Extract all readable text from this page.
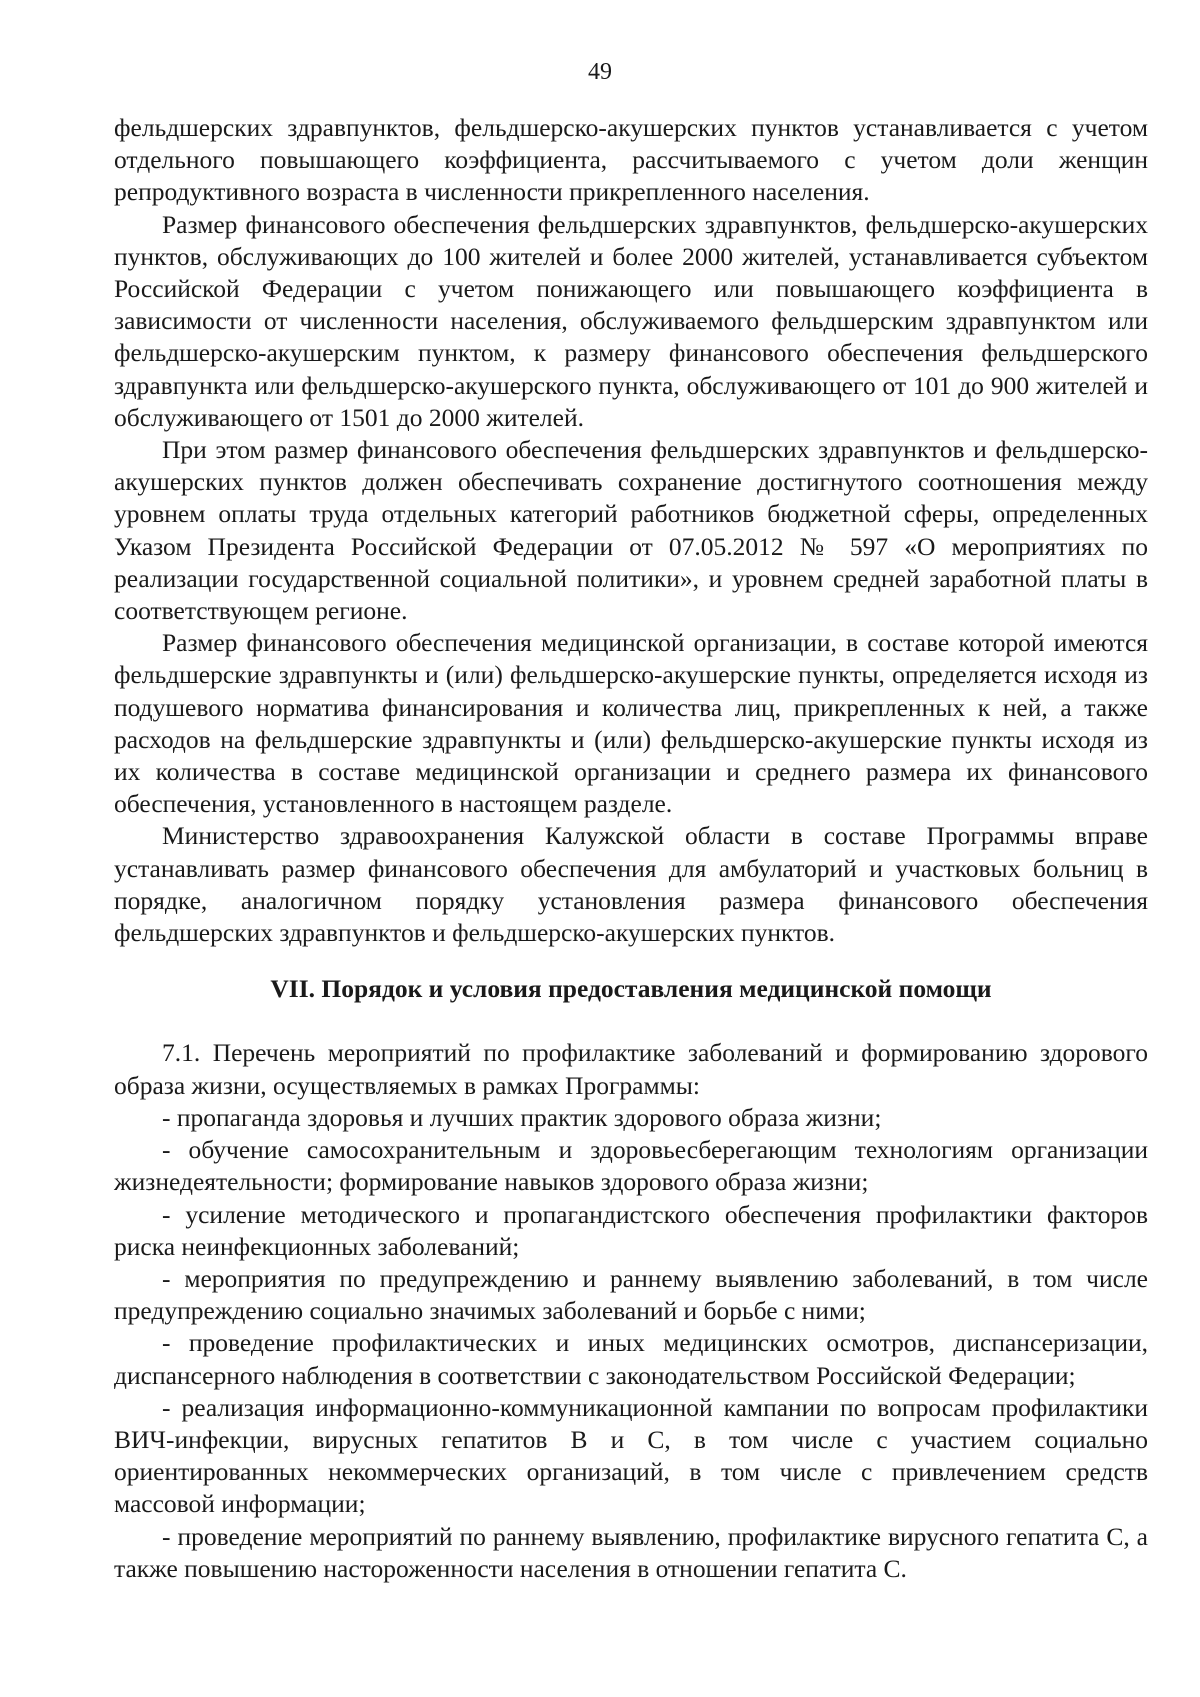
49

фельдшерских здравпунктов, фельдшерско-акушерских пунктов устанавливается с учетом отдельного повышающего коэффициента, рассчитываемого с учетом доли женщин репродуктивного возраста в численности прикрепленного населения.

Размер финансового обеспечения фельдшерских здравпунктов, фельдшерско-акушерских пунктов, обслуживающих до 100 жителей и более 2000 жителей, устанавливается субъектом Российской Федерации с учетом понижающего или повышающего коэффициента в зависимости от численности населения, обслуживаемого фельдшерским здравпунктом или фельдшерско-акушерским пунктом, к размеру финансового обеспечения фельдшерского здравпункта или фельдшерско-акушерского пункта, обслуживающего от 101 до 900 жителей и обслуживающего от 1501 до 2000 жителей.

При этом размер финансового обеспечения фельдшерских здравпунктов и фельдшерско-акушерских пунктов должен обеспечивать сохранение достигнутого соотношения между уровнем оплаты труда отдельных категорий работников бюджетной сферы, определенных Указом Президента Российской Федерации от 07.05.2012 № 597 «О мероприятиях по реализации государственной социальной политики», и уровнем средней заработной платы в соответствующем регионе.

Размер финансового обеспечения медицинской организации, в составе которой имеются фельдшерские здравпункты и (или) фельдшерско-акушерские пункты, определяется исходя из подушевого норматива финансирования и количества лиц, прикрепленных к ней, а также расходов на фельдшерские здравпункты и (или) фельдшерско-акушерские пункты исходя из их количества в составе медицинской организации и среднего размера их финансового обеспечения, установленного в настоящем разделе.

Министерство здравоохранения Калужской области в составе Программы вправе устанавливать размер финансового обеспечения для амбулаторий и участковых больниц в порядке, аналогичном порядку установления размера финансового обеспечения фельдшерских здравпунктов и фельдшерско-акушерских пунктов.

VII. Порядок и условия предоставления медицинской помощи

7.1. Перечень мероприятий по профилактике заболеваний и формированию здорового образа жизни, осуществляемых в рамках Программы:

- пропаганда здоровья и лучших практик здорового образа жизни;

- обучение самосохранительным и здоровьесберегающим технологиям организации жизнедеятельности; формирование навыков здорового образа жизни;

- усиление методического и пропагандистского обеспечения профилактики факторов риска неинфекционных заболеваний;

- мероприятия по предупреждению и раннему выявлению заболеваний, в том числе предупреждению социально значимых заболеваний и борьбе с ними;

- проведение профилактических и иных медицинских осмотров, диспансеризации, диспансерного наблюдения в соответствии с законодательством Российской Федерации;

- реализация информационно-коммуникационной кампании по вопросам профилактики ВИЧ-инфекции, вирусных гепатитов В и С, в том числе с участием социально ориентированных некоммерческих организаций, в том числе с привлечением средств массовой информации;

- проведение мероприятий по раннему выявлению, профилактике вирусного гепатита С, а также повышению настороженности населения в отношении гепатита С.
